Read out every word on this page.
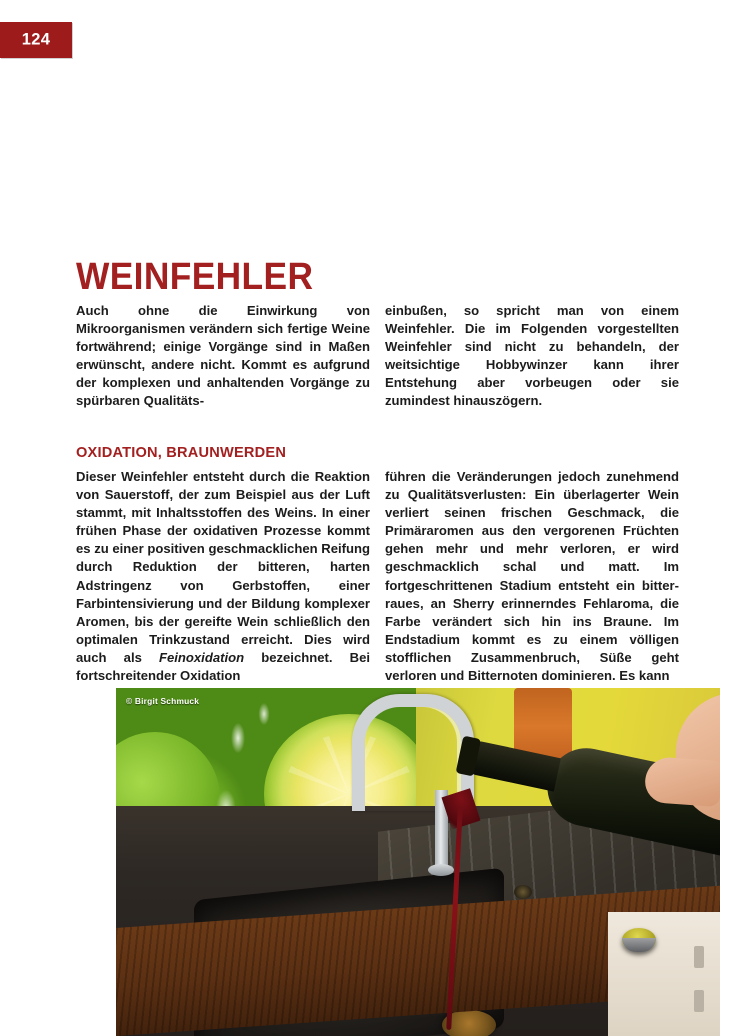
124
WEINFEHLER

Auch ohne die Einwirkung von Mikroorganismen verändern sich fertige Weine fortwährend; einige Vorgänge sind in Maßen erwünscht, andere nicht. Kommt es aufgrund der komplexen und anhaltenden Vorgänge zu spürbaren Qualitäts-

einbußen, so spricht man von einem Weinfehler. Die im Folgenden vorgestellten Weinfehler sind nicht zu behandeln, der weitsichtige Hobbywinzer kann ihrer Entstehung aber vorbeugen oder sie zumindest hinauszögern.

OXIDATION, BRAUNWERDEN

Dieser Weinfehler entsteht durch die Reaktion von Sauerstoff, der zum Beispiel aus der Luft stammt, mit Inhaltsstoffen des Weins. In einer frühen Phase der oxidativen Prozesse kommt es zu einer positiven geschmacklichen Reifung durch Reduktion der bitteren, harten Adstringenz von Gerbstoffen, einer Farbintensivierung und der Bildung komplexer Aromen, bis der gereifte Wein schließlich den optimalen Trinkzustand erreicht. Dies wird auch als Feinoxidation bezeichnet. Bei fortschreitender Oxidation

führen die Veränderungen jedoch zunehmend zu Qualitätsverlusten: Ein überlagerter Wein verliert seinen frischen Geschmack, die Primäraromen aus den vergorenen Früchten gehen mehr und mehr verloren, er wird geschmacklich schal und matt. Im fortgeschrittenen Stadium entsteht ein bitter-raues, an Sherry erinnerndes Fehlaroma, die Farbe verändert sich hin ins Braune. Im Endstadium kommt es zu einem völligen stofflichen Zusammenbruch, Süße geht verloren und Bitternoten dominieren. Es kann

© Birgit Schmuck
